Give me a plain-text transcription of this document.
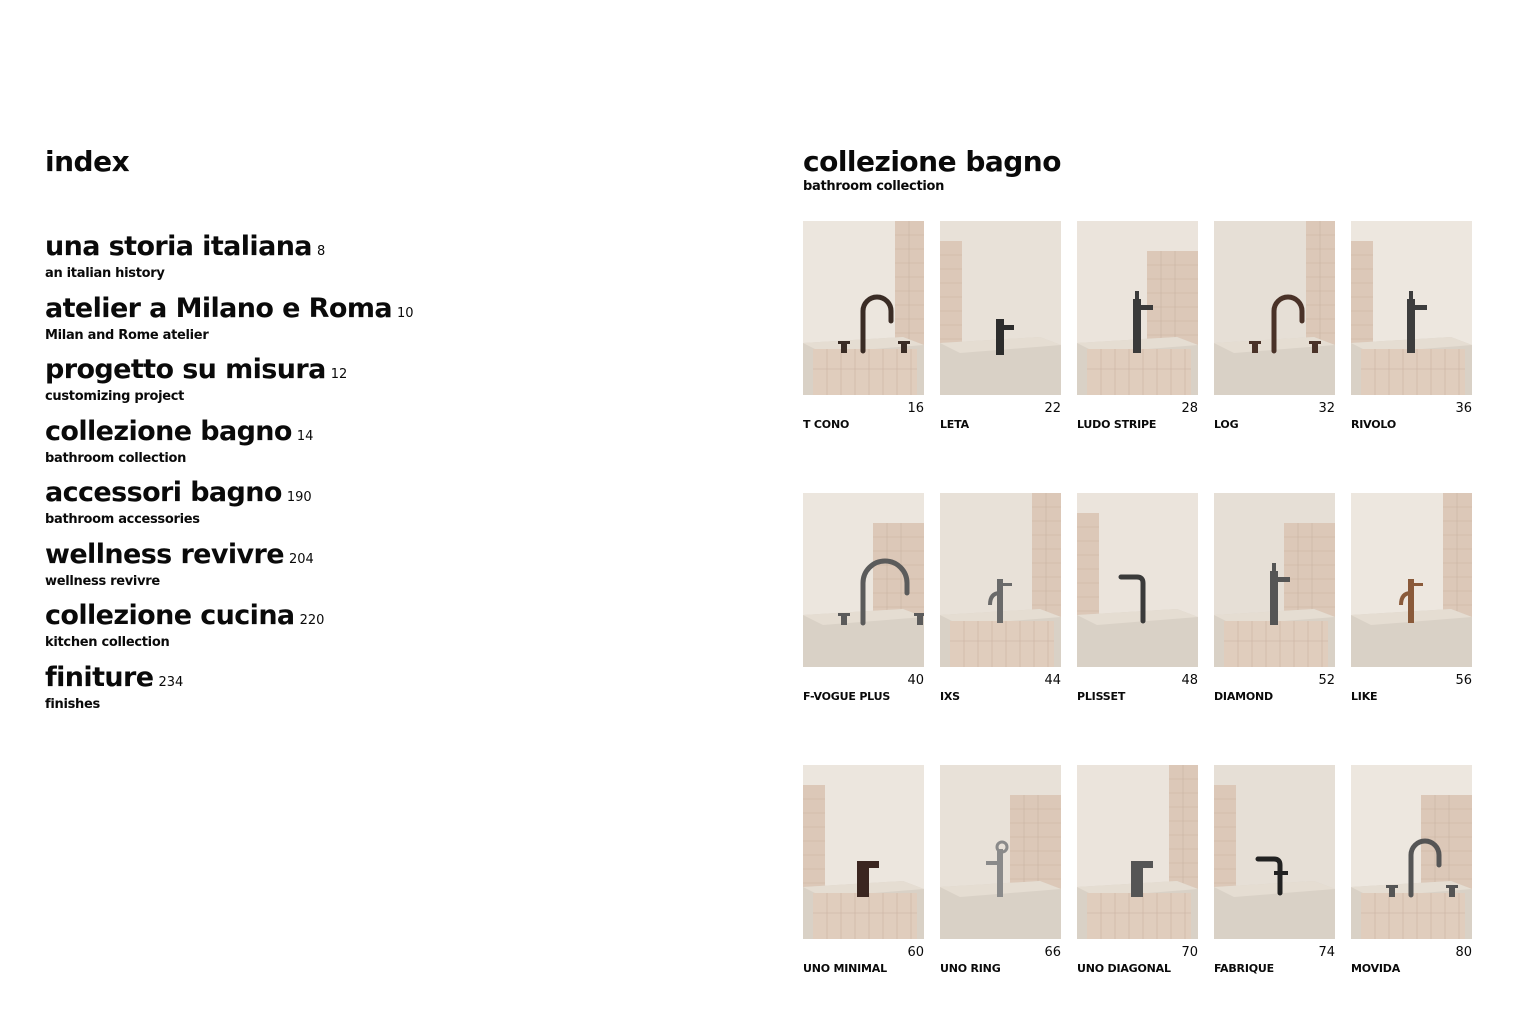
index
una storia italiana 8
an italian history
atelier a Milano e Roma 10
Milan and Rome atelier
progetto su misura 12
customizing project
collezione bagno 14
bathroom collection
accessori bagno 190
bathroom accessories
wellness revivre 204
wellness revivre
collezione cucina 220
kitchen collection
finiture 234
finishes
collezione bagno
bathroom collection
16
T CONO
22
LETA
28
LUDO STRIPE
32
LOG
36
RIVOLO
40
F-VOGUE PLUS
44
IXS
48
PLISSET
52
DIAMOND
56
LIKE
60
UNO MINIMAL
66
UNO RING
70
UNO DIAGONAL
74
FABRIQUE
80
MOVIDA
